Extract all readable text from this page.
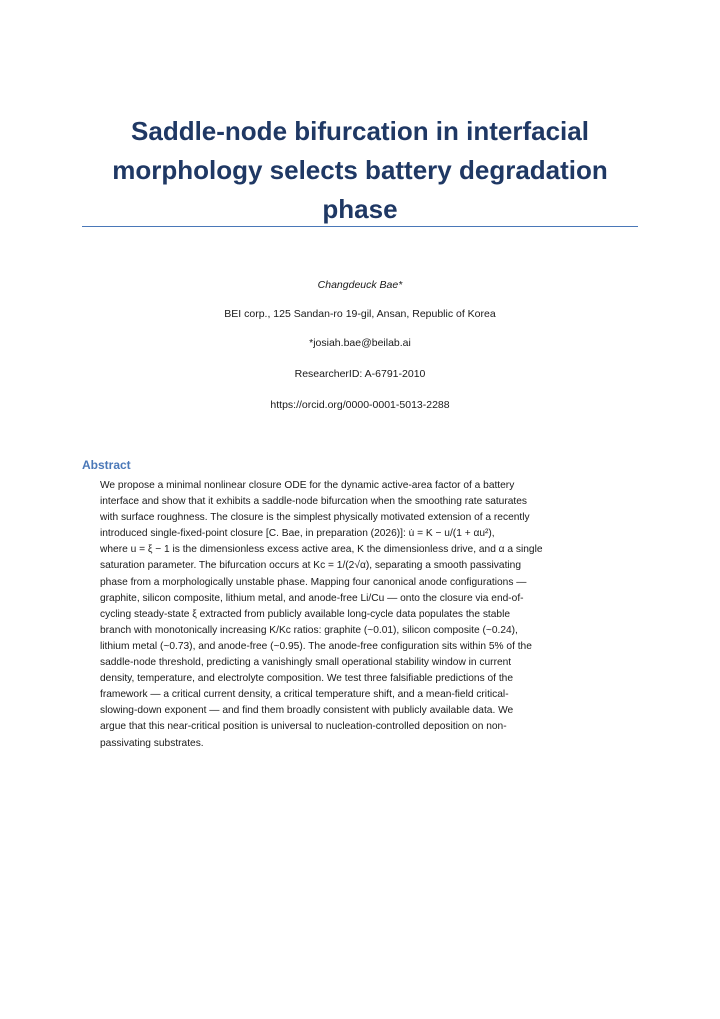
Saddle-node bifurcation in interfacial
morphology selects battery degradation
phase
Changdeuck Bae*
BEI corp., 125 Sandan-ro 19-gil, Ansan, Republic of Korea
*josiah.bae@beilab.ai
ResearcherID: A-6791-2010
https://orcid.org/0000-0001-5013-2288
Abstract
We propose a minimal nonlinear closure ODE for the dynamic active-area factor of a battery
interface and show that it exhibits a saddle-node bifurcation when the smoothing rate saturates
with surface roughness. The closure is the simplest physically motivated extension of a recently
introduced single-fixed-point closure [C. Bae, in preparation (2026)]: u̇ = K − u/(1 + αu²),
where u = ξ − 1 is the dimensionless excess active area, K the dimensionless drive, and α a single
saturation parameter. The bifurcation occurs at Kc = 1/(2√α), separating a smooth passivating
phase from a morphologically unstable phase. Mapping four canonical anode configurations —
graphite, silicon composite, lithium metal, and anode-free Li/Cu — onto the closure via end-of-
cycling steady-state ξ extracted from publicly available long-cycle data populates the stable
branch with monotonically increasing K/Kc ratios: graphite (~0.01), silicon composite (~0.24),
lithium metal (~0.73), and anode-free (~0.95). The anode-free configuration sits within 5% of the
saddle-node threshold, predicting a vanishingly small operational stability window in current
density, temperature, and electrolyte composition. We test three falsifiable predictions of the
framework — a critical current density, a critical temperature shift, and a mean-field critical-
slowing-down exponent — and find them broadly consistent with publicly available data. We
argue that this near-critical position is universal to nucleation-controlled deposition on non-
passivating substrates.
